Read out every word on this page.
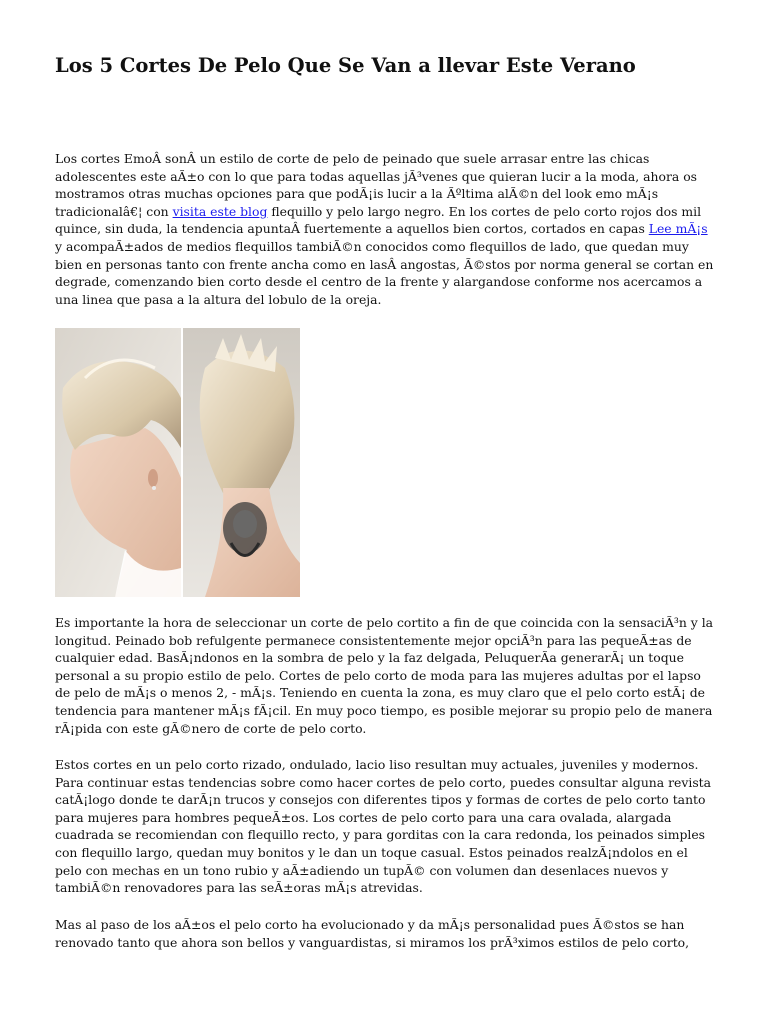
Los 5 Cortes De Pelo Que Se Van a llevar Este Verano

Los cortes EmoÂ sonÂ un estilo de corte de pelo de peinado que suele arrasar entre las chicas adolescentes este aÃ±o con lo que para todas aquellas jÃ³venes que quieran lucir a la moda, ahora os mostramos otras muchas opciones para que podÃ¡is lucir a la Ãºltima alÃ©n del look emo mÃ¡s tradicionalâ€¦ con visita este blog flequillo y pelo largo negro. En los cortes de pelo corto rojos dos mil quince, sin duda, la tendencia apuntaÂ fuertemente a aquellos bien cortos, cortados en capas Lee mÃ¡s y acompaÃ±ados de medios flequillos tambiÃ©n conocidos como flequillos de lado, que quedan muy bien en personas tanto con frente ancha como en lasÂ angostas, Ã©stos por norma general se cortan en degrade, comenzando bien corto desde el centro de la frente y alargandose conforme nos acercamos a una linea que pasa a la altura del lobulo de la oreja.

Es importante la hora de seleccionar un corte de pelo cortito a fin de que coincida con la sensaciÃ³n y la longitud. Peinado bob refulgente permanece consistentemente mejor opciÃ³n para las pequeÃ±as de cualquier edad. BasÃ¡ndonos en la sombra de pelo y la faz delgada, PeluquerÃa generarÃ¡ un toque personal a su propio estilo de pelo. Cortes de pelo corto de moda para las mujeres adultas por el lapso de pelo de mÃ¡s o menos 2, - mÃ¡s. Teniendo en cuenta la zona, es muy claro que el pelo corto estÃ¡ de tendencia para mantener mÃ¡s fÃ¡cil. En muy poco tiempo, es posible mejorar su propio pelo de manera rÃ¡pida con este gÃ©nero de corte de pelo corto.

Estos cortes en un pelo corto rizado, ondulado, lacio liso resultan muy actuales, juveniles y modernos. Para continuar estas tendencias sobre como hacer cortes de pelo corto, puedes consultar alguna revista catÃ¡logo donde te darÃ¡n trucos y consejos con diferentes tipos y formas de cortes de pelo corto tanto para mujeres para hombres pequeÃ±os. Los cortes de pelo corto para una cara ovalada, alargada cuadrada se recomiendan con flequillo recto, y para gorditas con la cara redonda, los peinados simples con flequillo largo, quedan muy bonitos y le dan un toque casual. Estos peinados realzÃ¡ndolos en el pelo con mechas en un tono rubio y aÃ±adiendo un tupÃ© con volumen dan desenlaces nuevos y tambiÃ©n renovadores para las seÃ±oras mÃ¡s atrevidas.

Mas al paso de los aÃ±os el pelo corto ha evolucionado y da mÃ¡s personalidad pues Ã©stos se han renovado tanto que ahora son bellos y vanguardistas, si miramos los prÃ³ximos estilos de pelo corto,
